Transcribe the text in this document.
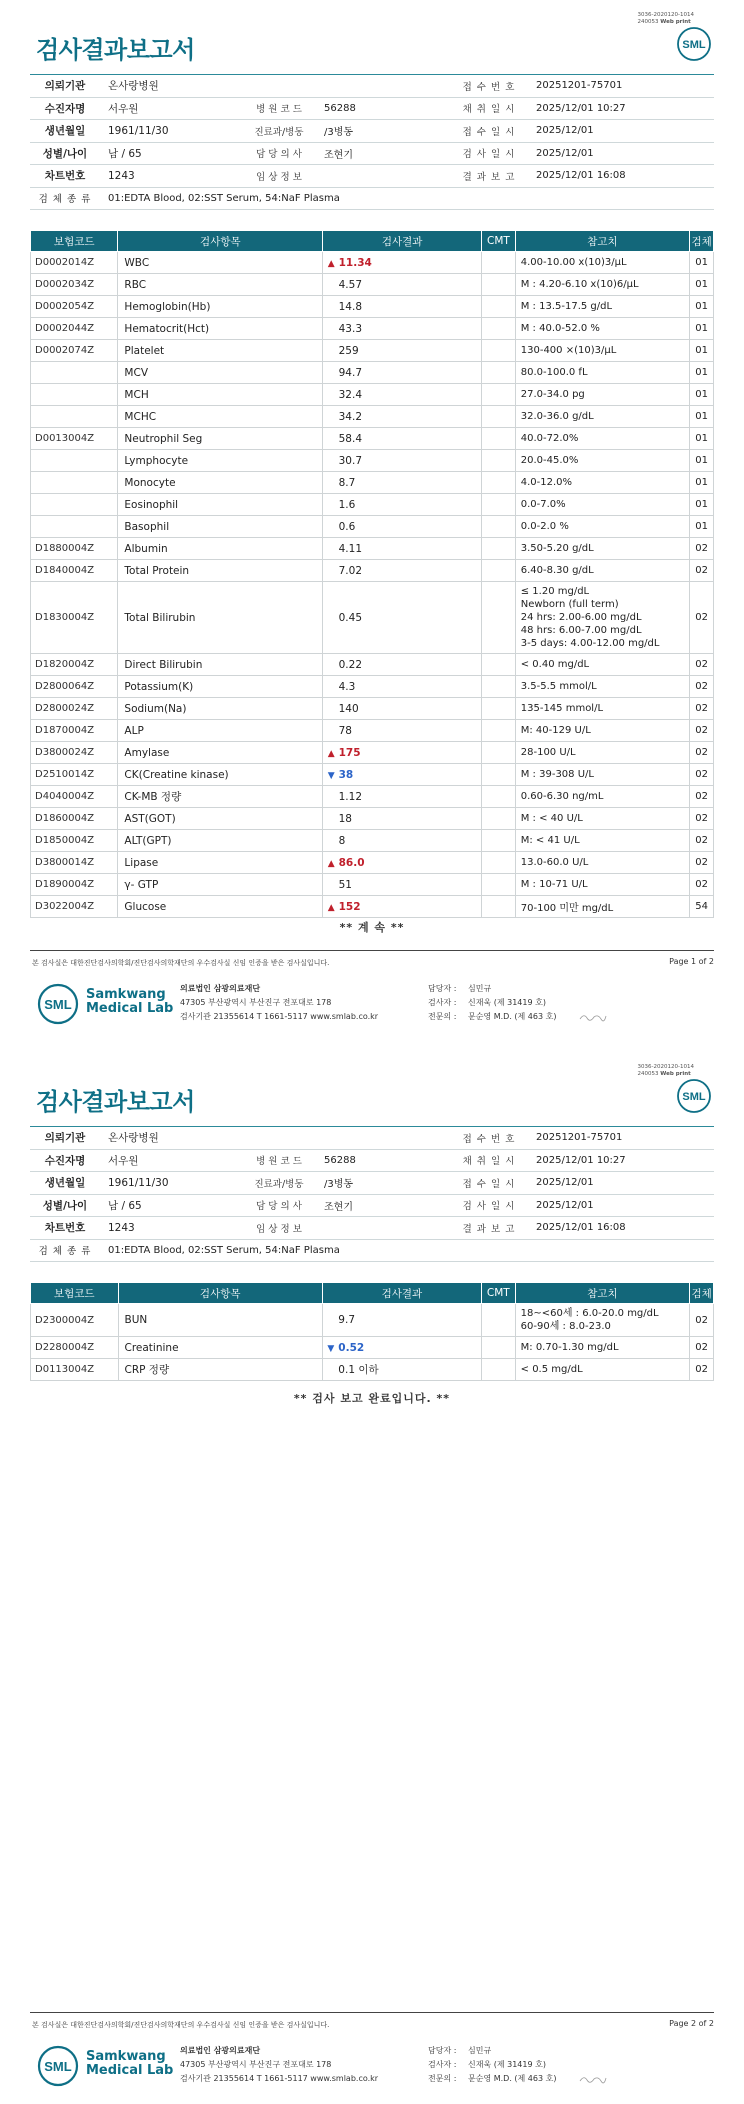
3036-2020120-1014
240053 Web print
검사결과보고서	SML
의뢰기관	온사랑병원	접 수 번 호	20251201-75701
수진자명	서우원	병 원 코 드	56288	채 취 일 시	2025/12/01 10:27
생년월일	1961/11/30	진료과/병동	/3병동	접 수 일 시	2025/12/01
성별/나이	남 / 65	담 당 의 사	조현기	검 사 일 시	2025/12/01
차트번호	1243	임 상 정 보	결 과 보 고	2025/12/01 16:08
검 체 종 류	01:EDTA Blood, 02:SST Serum, 54:NaF Plasma
보험코드	검사항목	검사결과		CMT	참고치	검체
D0002014Z	WBC	▲	11.34		4.00-10.00 x(10)3/μL	01
D0002034Z	RBC		4.57		M : 4.20-6.10 x(10)6/μL	01
D0002054Z	Hemoglobin(Hb)		14.8		M : 13.5-17.5 g/dL	01
D0002044Z	Hematocrit(Hct)		43.3		M : 40.0-52.0 %	01
D0002074Z	Platelet		259		130-400 ×(10)3/μL	01
	MCV		94.7		80.0-100.0 fL	01
	MCH		32.4		27.0-34.0 pg	01
	MCHC		34.2		32.0-36.0 g/dL	01
D0013004Z	Neutrophil Seg		58.4		40.0-72.0%	01
	Lymphocyte		30.7		20.0-45.0%	01
	Monocyte		8.7		4.0-12.0%	01
	Eosinophil		1.6		0.0-7.0%	01
	Basophil		0.6		0.0-2.0 %	01
D1880004Z	Albumin		4.11		3.50-5.20 g/dL	02
D1840004Z	Total Protein		7.02		6.40-8.30 g/dL	02
D1830004Z	Total Bilirubin		0.45		≤ 1.20 mg/dL
Newborn (full term)
24 hrs: 2.00-6.00 mg/dL
48 hrs: 6.00-7.00 mg/dL
3-5 days: 4.00-12.00 mg/dL	02
D1820004Z	Direct Bilirubin		0.22		< 0.40 mg/dL	02
D2800064Z	Potassium(K)		4.3		3.5-5.5 mmol/L	02
D2800024Z	Sodium(Na)		140		135-145 mmol/L	02
D1870004Z	ALP		78		M: 40-129 U/L	02
D3800024Z	Amylase	▲	175		28-100 U/L	02
D2510014Z	CK(Creatine kinase)	▼	38		M : 39-308 U/L	02
D4040004Z	CK-MB 정량		1.12		0.60-6.30 ng/mL	02
D1860004Z	AST(GOT)		18		M : < 40 U/L	02
D1850004Z	ALT(GPT)		8		M: < 41 U/L	02
D3800014Z	Lipase	▲	86.0		13.0-60.0 U/L	02
D1890004Z	γ- GTP		51		M : 10-71 U/L	02
D3022004Z	Glucose	▲	152		70-100 미만 mg/dL	54
** 계 속 **
본 검사실은 대한진단검사의학회/진단검사의학재단의 우수검사실 신임 인증을 받은 검사실입니다.	Page 1 of 2
SML
Samkwang
Medical Lab
의료법인 삼광의료재단
47305 부산광역시 부산진구 전포대로 178
검사기관 21355614 T 1661-5117 www.smlab.co.kr
담당자 : 심민규
검사자 : 신재욱 (제 31419 호)
전문의 : 문순영 M.D. (제 463 호)
3036-2020120-1014
240053 Web print
검사결과보고서	SML
의뢰기관	온사랑병원	접 수 번 호	20251201-75701
수진자명	서우원	병 원 코 드	56288	채 취 일 시	2025/12/01 10:27
생년월일	1961/11/30	진료과/병동	/3병동	접 수 일 시	2025/12/01
성별/나이	남 / 65	담 당 의 사	조현기	검 사 일 시	2025/12/01
차트번호	1243	임 상 정 보	결 과 보 고	2025/12/01 16:08
검 체 종 류	01:EDTA Blood, 02:SST Serum, 54:NaF Plasma
보험코드	검사항목	검사결과		CMT	참고치	검체
D2300004Z	BUN		9.7		18~<60세 : 6.0-20.0 mg/dL
60-90세 : 8.0-23.0	02
D2280004Z	Creatinine	▼	0.52		M: 0.70-1.30 mg/dL	02
D0113004Z	CRP 정량		0.1 이하		< 0.5 mg/dL	02
** 검사 보고 완료입니다. **
본 검사실은 대한진단검사의학회/진단검사의학재단의 우수검사실 신임 인증을 받은 검사실입니다.	Page 2 of 2
SML
Samkwang
Medical Lab
의료법인 삼광의료재단
47305 부산광역시 부산진구 전포대로 178
검사기관 21355614 T 1661-5117 www.smlab.co.kr
담당자 : 심민규
검사자 : 신재욱 (제 31419 호)
전문의 : 문순영 M.D. (제 463 호)
